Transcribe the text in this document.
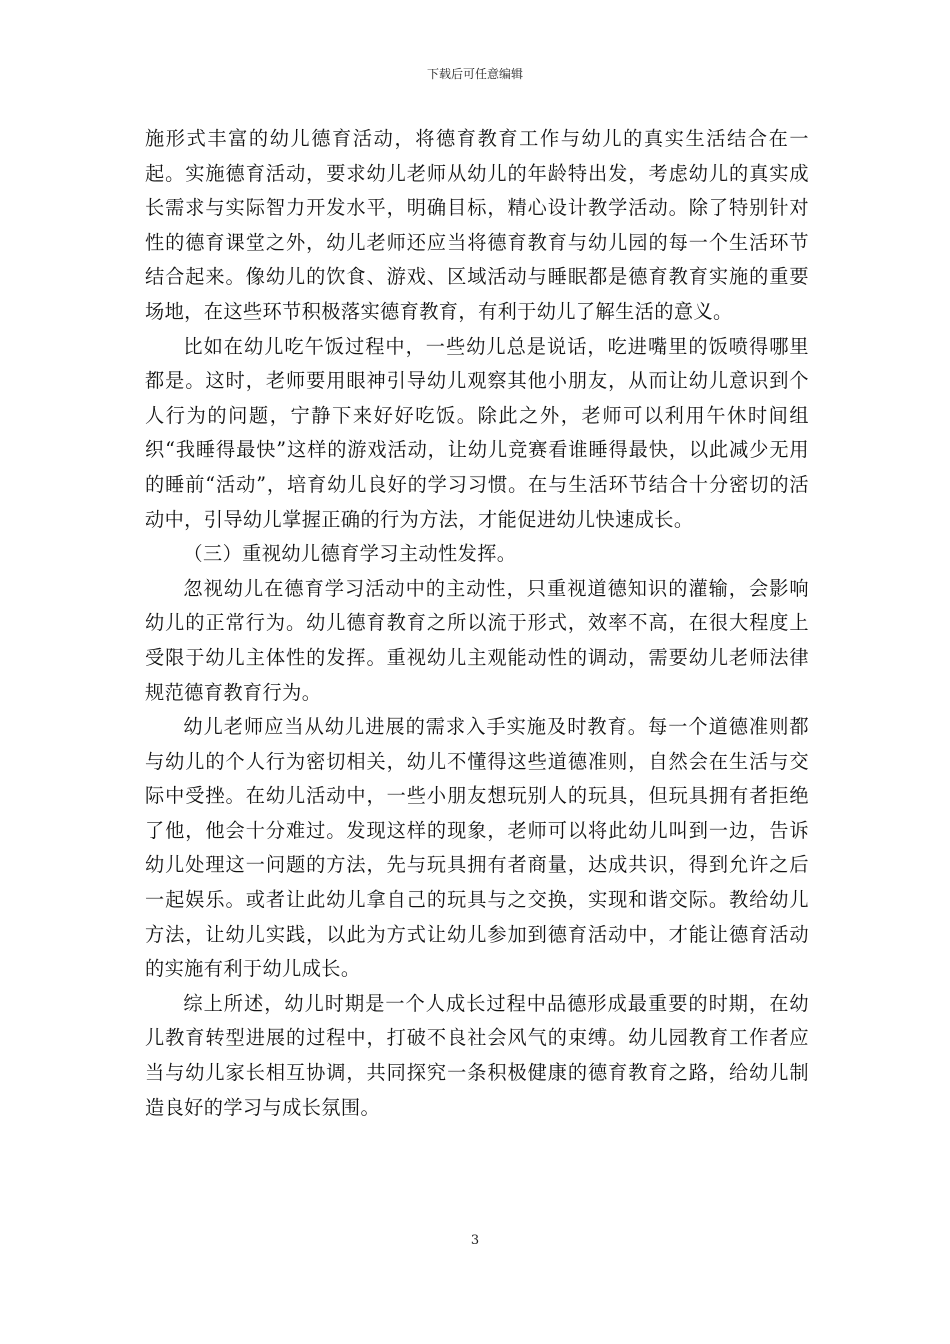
下载后可任意编辑

施形式丰富的幼儿德育活动，将德育教育工作与幼儿的真实生活结合在一起。实施德育活动，要求幼儿老师从幼儿的年龄特出发，考虑幼儿的真实成长需求与实际智力开发水平，明确目标，精心设计教学活动。除了特别针对性的德育课堂之外，幼儿老师还应当将德育教育与幼儿园的每一个生活环节结合起来。像幼儿的饮食、游戏、区域活动与睡眠都是德育教育实施的重要场地，在这些环节积极落实德育教育，有利于幼儿了解生活的意义。

比如在幼儿吃午饭过程中，一些幼儿总是说话，吃进嘴里的饭喷得哪里都是。这时，老师要用眼神引导幼儿观察其他小朋友，从而让幼儿意识到个人行为的问题，宁静下来好好吃饭。除此之外，老师可以利用午休时间组织“我睡得最快”这样的游戏活动，让幼儿竞赛看谁睡得最快，以此减少无用的睡前“活动”，培育幼儿良好的学习习惯。在与生活环节结合十分密切的活动中，引导幼儿掌握正确的行为方法，才能促进幼儿快速成长。

（三）重视幼儿德育学习主动性发挥。

忽视幼儿在德育学习活动中的主动性，只重视道德知识的灌输，会影响幼儿的正常行为。幼儿德育教育之所以流于形式，效率不高，在很大程度上受限于幼儿主体性的发挥。重视幼儿主观能动性的调动，需要幼儿老师法律规范德育教育行为。

幼儿老师应当从幼儿进展的需求入手实施及时教育。每一个道德准则都与幼儿的个人行为密切相关，幼儿不懂得这些道德准则，自然会在生活与交际中受挫。在幼儿活动中，一些小朋友想玩别人的玩具，但玩具拥有者拒绝了他，他会十分难过。发现这样的现象，老师可以将此幼儿叫到一边，告诉幼儿处理这一问题的方法，先与玩具拥有者商量，达成共识，得到允许之后一起娱乐。或者让此幼儿拿自己的玩具与之交换，实现和谐交际。教给幼儿方法，让幼儿实践，以此为方式让幼儿参加到德育活动中，才能让德育活动的实施有利于幼儿成长。

综上所述，幼儿时期是一个人成长过程中品德形成最重要的时期，在幼儿教育转型进展的过程中，打破不良社会风气的束缚。幼儿园教育工作者应当与幼儿家长相互协调，共同探究一条积极健康的德育教育之路，给幼儿制造良好的学习与成长氛围。

3
